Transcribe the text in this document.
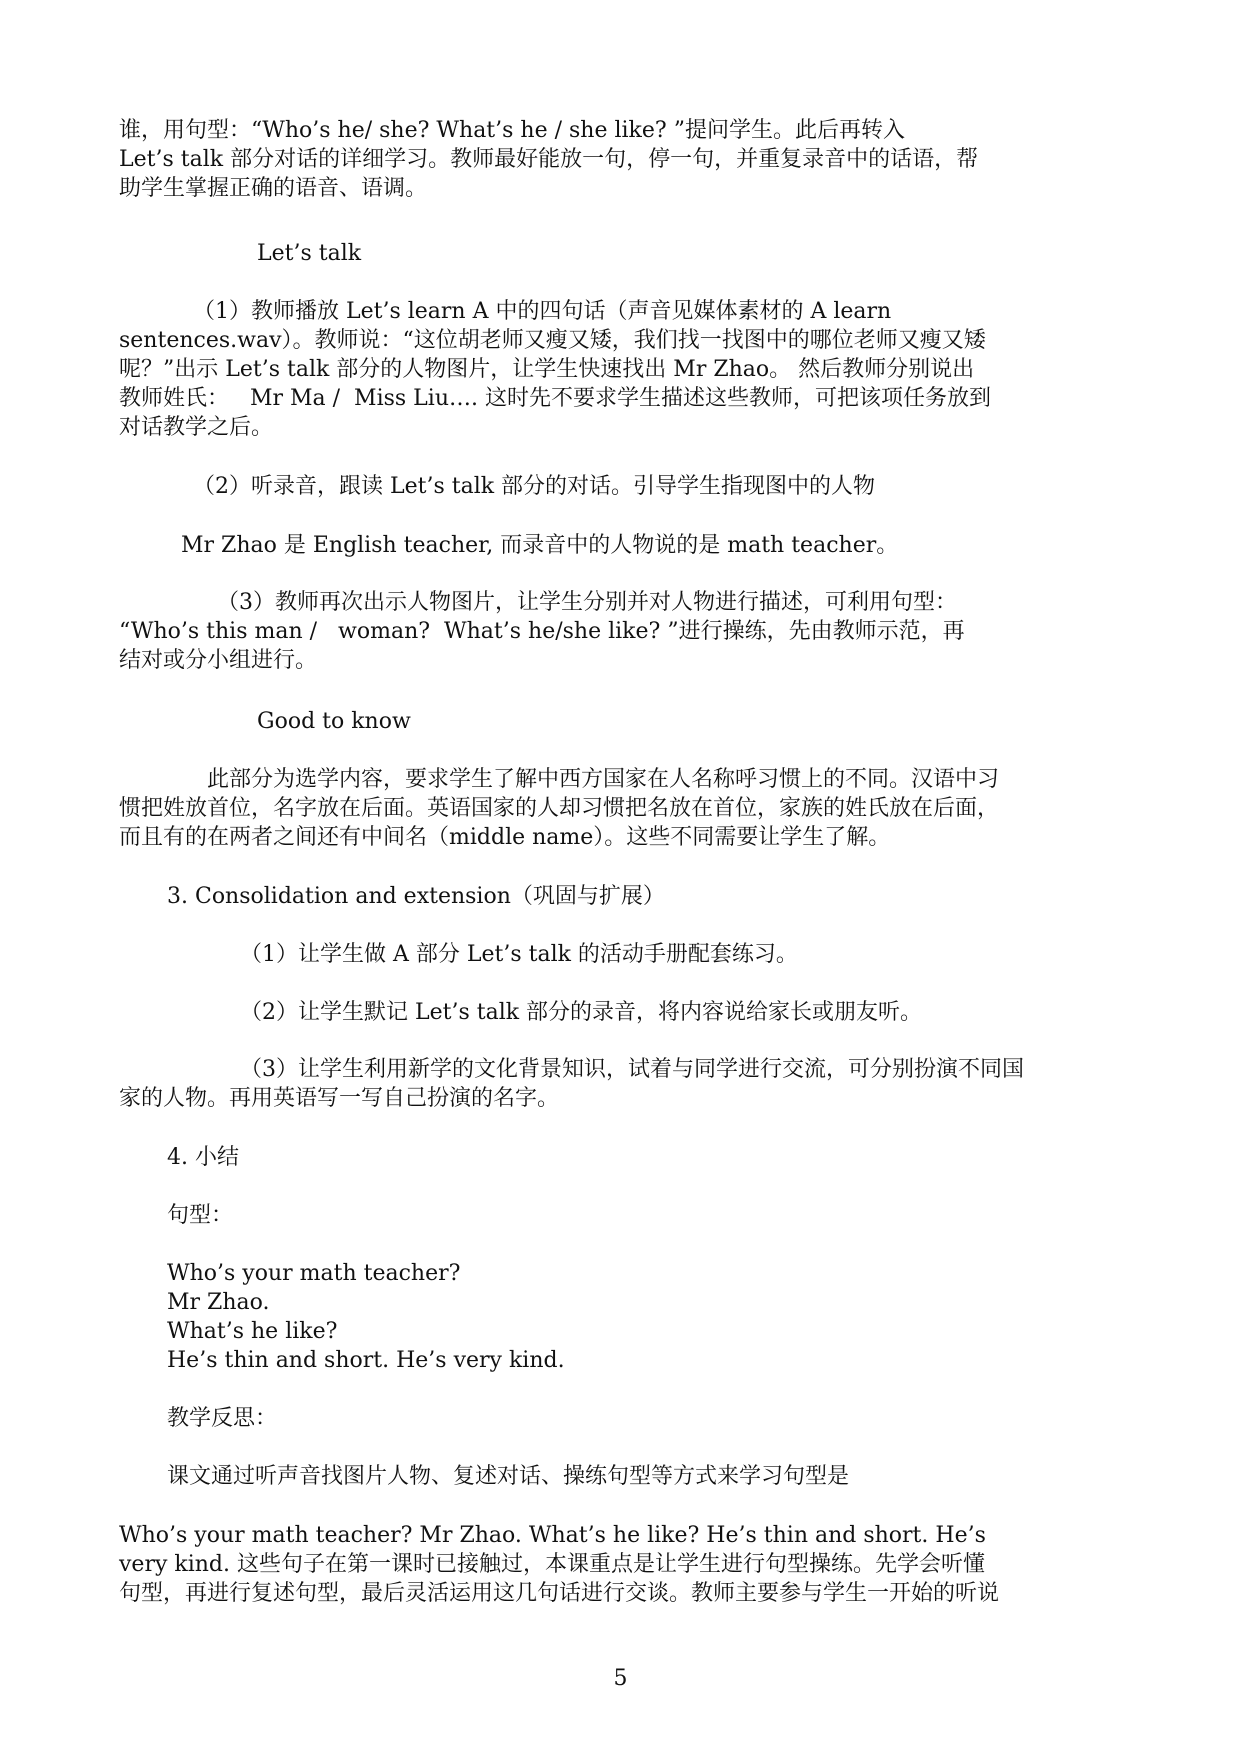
谁，用句型：“Who’s he/ she? What’s he / she like? ”提问学生。此后再转入
Let’s talk 部分对话的详细学习。教师最好能放一句，停一句，并重复录音中的话语，帮
助学生掌握正确的语音、语调。
Let’s talk
（1）教师播放 Let’s learn A 中的四句话（声音见媒体素材的 A learn
sentences.wav）。教师说：“这位胡老师又瘦又矮，我们找一找图中的哪位老师又瘦又矮
呢？”出示 Let’s talk 部分的人物图片，让学生快速找出 Mr Zhao。 然后教师分别说出
教师姓氏：   Mr Ma /  Miss Liu…. 这时先不要求学生描述这些教师，可把该项任务放到
对话教学之后。
（2）听录音，跟读 Let’s talk 部分的对话。引导学生指现图中的人物
Mr Zhao 是 English teacher, 而录音中的人物说的是 math teacher。
（3）教师再次出示人物图片，让学生分别并对人物进行描述，可利用句型：
“Who’s this man /   woman?  What’s he/she like? ”进行操练，先由教师示范，再
结对或分小组进行。
Good to know
此部分为选学内容，要求学生了解中西方国家在人名称呼习惯上的不同。汉语中习
惯把姓放首位，名字放在后面。英语国家的人却习惯把名放在首位，家族的姓氏放在后面，
而且有的在两者之间还有中间名（middle name）。这些不同需要让学生了解。
3. Consolidation and extension（巩固与扩展）
（1）让学生做 A 部分 Let’s talk 的活动手册配套练习。
（2）让学生默记 Let’s talk 部分的录音，将内容说给家长或朋友听。
（3）让学生利用新学的文化背景知识，试着与同学进行交流，可分别扮演不同国
家的人物。再用英语写一写自己扮演的名字。
4. 小结
句型：
Who’s your math teacher?
Mr Zhao.
What’s he like?
He’s thin and short. He’s very kind.
教学反思：
课文通过听声音找图片人物、复述对话、操练句型等方式来学习句型是
Who’s your math teacher? Mr Zhao. What’s he like? He’s thin and short. He’s
very kind. 这些句子在第一课时已接触过，本课重点是让学生进行句型操练。先学会听懂
句型，再进行复述句型，最后灵活运用这几句话进行交谈。教师主要参与学生一开始的听说
5
